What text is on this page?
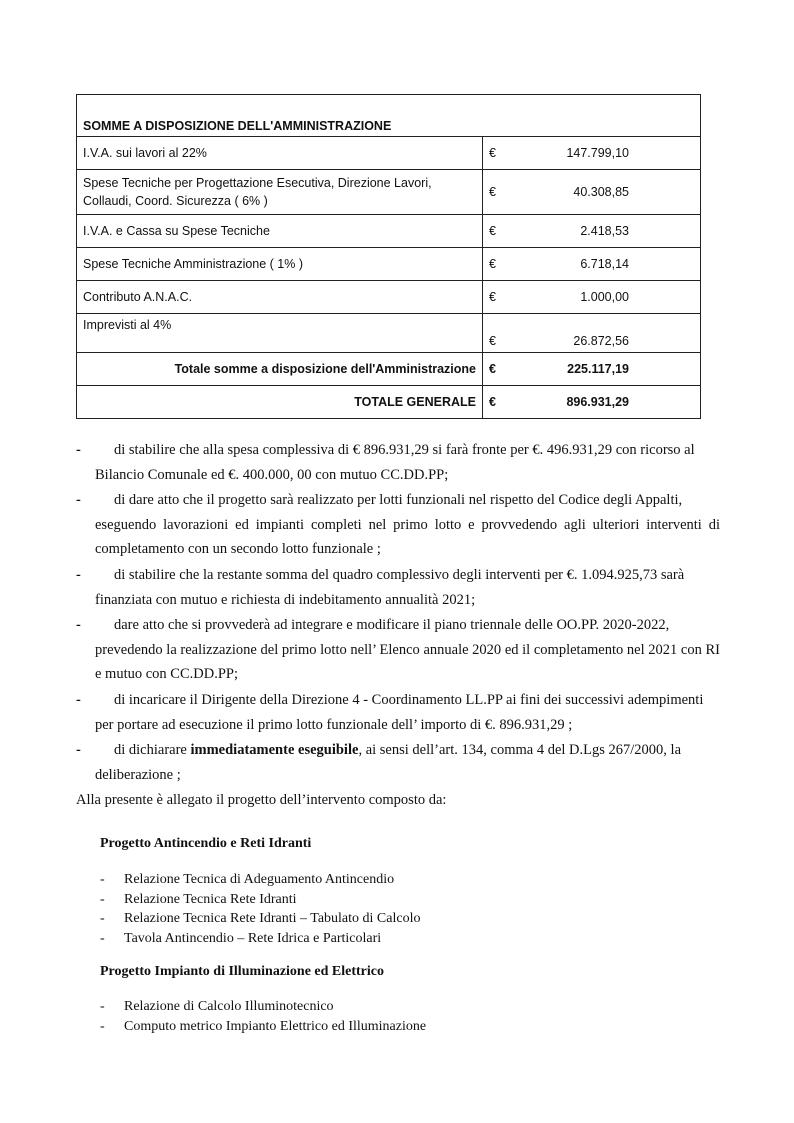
SOMME A DISPOSIZIONE DELL'AMMINISTRAZIONE	
I.V.A. sui lavori al 22%	€ 147.799,10
Spese Tecniche per Progettazione Esecutiva, Direzione Lavori, Collaudi, Coord. Sicurezza ( 6% )	€ 40.308,85
I.V.A. e Cassa su Spese Tecniche	€ 2.418,53
Spese Tecniche Amministrazione ( 1% )	€ 6.718,14
Contributo A.N.A.C.	€ 1.000,00
Imprevisti al 4%	€ 26.872,56
Totale somme a disposizione dell'Amministrazione	€ 225.117,19
TOTALE GENERALE	€ 896.931,29
-	di stabilire che alla spesa complessiva di € 896.931,29 si farà fronte per €. 496.931,29 con ricorso al
Bilancio Comunale ed €. 400.000, 00 con mutuo CC.DD.PP;
-	di dare atto che il progetto sarà realizzato per lotti funzionali nel rispetto del Codice degli Appalti,
eseguendo lavorazioni ed impianti completi nel primo lotto e provvedendo agli ulteriori interventi di completamento con un secondo lotto funzionale ;
-	di stabilire che la restante somma del quadro complessivo degli interventi per €. 1.094.925,73 sarà
finanziata con mutuo e richiesta di indebitamento annualità 2021;
-	dare atto che si provvederà ad integrare e modificare il piano triennale delle OO.PP. 2020-2022,
prevedendo la realizzazione del primo lotto nell’ Elenco annuale 2020 ed il completamento nel 2021 con RI e mutuo con CC.DD.PP;
-	di incaricare il Dirigente della Direzione 4 - Coordinamento LL.PP ai fini dei successivi adempimenti
per portare ad esecuzione il primo lotto funzionale dell’ importo di €. 896.931,29 ;
-	di dichiarare immediatamente eseguibile, ai sensi dell’art. 134, comma 4 del D.Lgs 267/2000, la
deliberazione ;
Alla presente è allegato il progetto dell’intervento composto da:
Progetto Antincendio e Reti Idranti
- Relazione Tecnica di Adeguamento Antincendio
- Relazione Tecnica Rete Idranti
- Relazione Tecnica Rete Idranti – Tabulato di Calcolo
- Tavola Antincendio – Rete Idrica e Particolari
Progetto Impianto di Illuminazione ed Elettrico
- Relazione di Calcolo Illuminotecnico
- Computo metrico Impianto Elettrico ed Illuminazione
